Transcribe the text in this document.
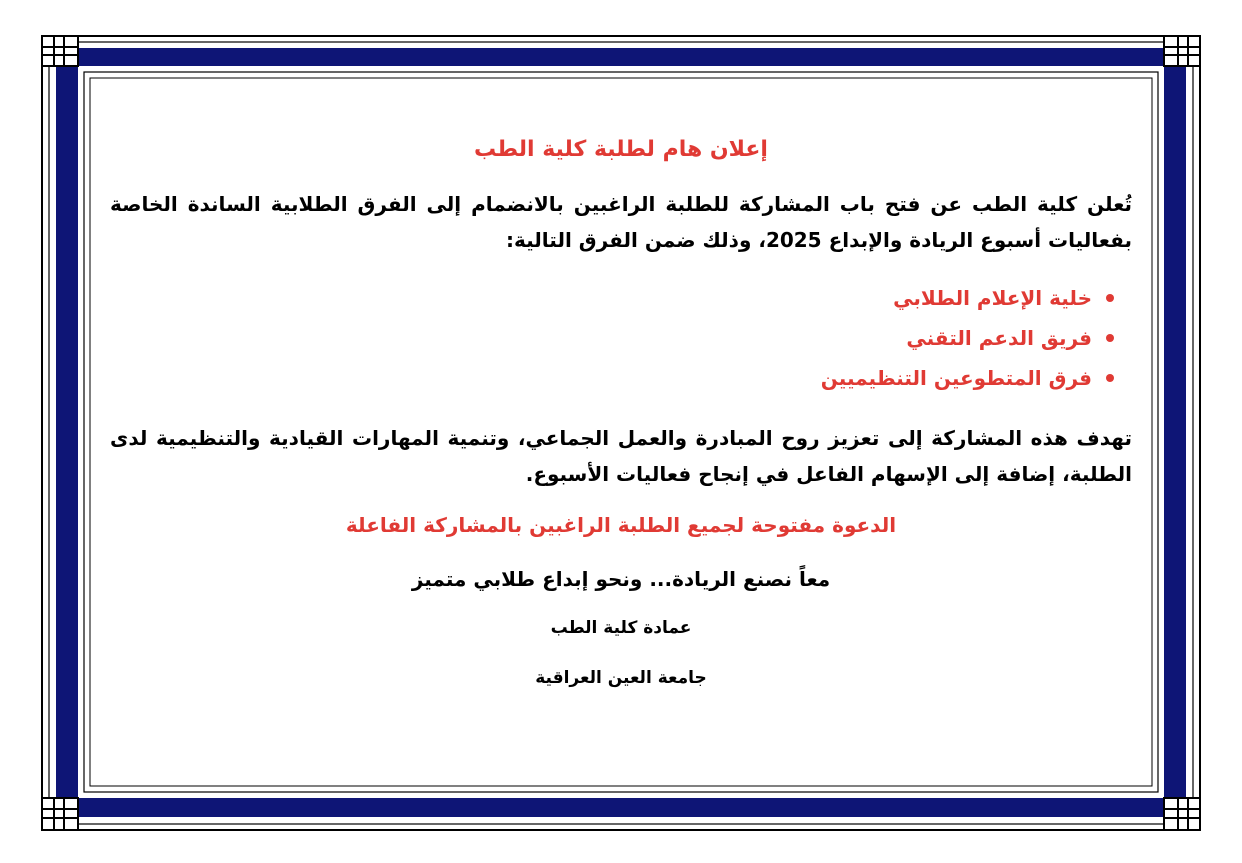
إعلان هام لطلبة كلية الطب

تُعلن كلية الطب عن فتح باب المشاركة للطلبة الراغبين بالانضمام إلى الفرق الطلابية الساندة الخاصة بفعاليات أسبوع الريادة والإبداع 2025، وذلك ضمن الفرق التالية:

خلية الإعلام الطلابي
فريق الدعم التقني
فرق المتطوعين التنظيميين

تهدف هذه المشاركة إلى تعزيز روح المبادرة والعمل الجماعي، وتنمية المهارات القيادية والتنظيمية لدى الطلبة، إضافة إلى الإسهام الفاعل في إنجاح فعاليات الأسبوع.

الدعوة مفتوحة لجميع الطلبة الراغبين بالمشاركة الفاعلة
معاً نصنع الريادة... ونحو إبداع طلابي متميز
عمادة كلية الطب
جامعة العين العراقية
